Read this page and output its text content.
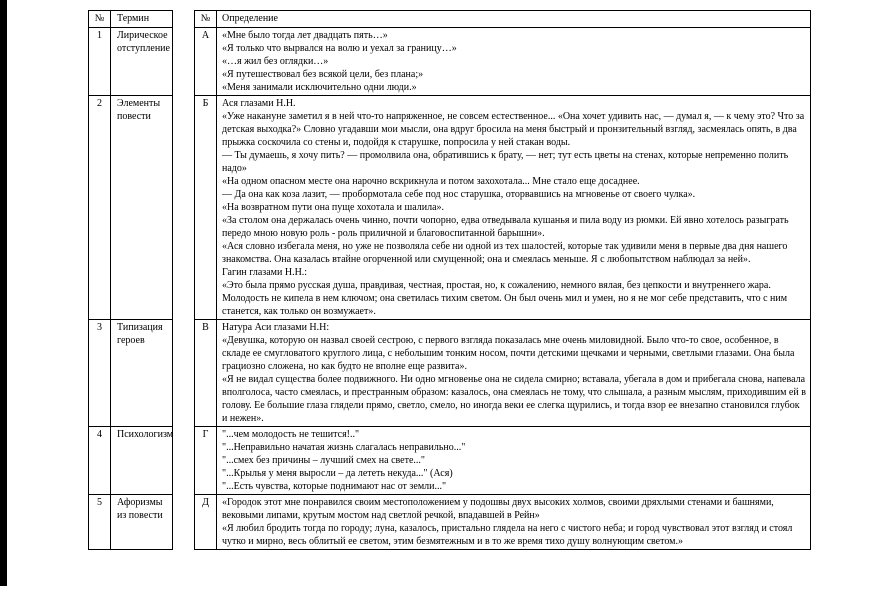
№	Термин		№	Определение
1	Лирическое отступление		А	«Мне было тогда лет двадцать пять…»
«Я только что вырвался на волю и уехал за границу…»
«…я жил без оглядки…»
«Я путешествовал без всякой цели, без плана;»
«Меня занимали исключительно одни люди.»

2	Элементы повести		Б	Ася глазами Н.Н.
«Уже накануне заметил я в ней что-то напряженное, не совсем естественное... «Она хочет удивить нас, — думал я, — к чему это? Что за детская выходка?» Словно угадавши мои мысли, она вдруг бросила на меня быстрый и пронзительный взгляд, засмеялась опять, в два прыжка соскочила со стены и, подойдя к старушке, попросила у ней стакан воды.
— Ты думаешь, я хочу пить? — промолвила она, обратившись к брату, — нет; тут есть цветы на стенах, которые непременно полить надо»
«На одном опасном месте она нарочно вскрикнула и потом захохотала... Мне стало еще досаднее.
— Да она как коза лазит, — пробормотала себе под нос старушка, оторвавшись на мгновенье от своего чулка».
«На возвратном пути она пуще хохотала и шалила».
«За столом она держалась очень чинно, почти чопорно, едва отведывала кушанья и пила воду из рюмки. Ей явно хотелось разыграть передо мною новую роль - роль приличной и благовоспитанной барышни».
«Ася словно избегала меня, но уже не позволяла себе ни одной из тех шалостей, которые так удивили меня в первые два дня нашего знакомства. Она казалась втайне огорченной или смущенной; она и смеялась меньше. Я с любопытством наблюдал за ней».
Гагин глазами Н.Н.:
«Это была прямо русская душа, правдивая, честная, простая, но, к сожалению, немного вялая, без цепкости и внутреннего жара. Молодость не кипела в нем ключом; она светилась тихим светом. Он был очень мил и умен, но я не мог себе представить, что с ним станется, как только он возмужает».

3	Типизация героев		В	Натура Аси глазами Н.Н:
«Девушка, которую он назвал своей сестрою, с первого взгляда показалась мне очень миловидной. Было что-то свое, особенное, в складе ее смугловатого круглого лица, с небольшим тонким носом, почти детскими щечками и черными, светлыми глазами. Она была грациозно сложена, но как будто не вполне еще развита».
«Я не видал существа более подвижного. Ни одно мгновенье она не сидела смирно; вставала, убегала в дом и прибегала снова, напевала вполголоса, часто смеялась, и престранным образом: казалось, она смеялась не тому, что слышала, а разным мыслям, приходившим ей в голову. Ее большие глаза глядели прямо, светло, смело, но иногда веки ее слегка щурились, и тогда взор ее внезапно становился глубок и нежен».

4	Психологизм		Г	"...чем молодость не тешится!.."
"...Неправильно начатая жизнь слагалась неправильно..."
"...смех без причины – лучший смех на свете..."
"...Крылья у меня выросли – да лететь некуда..." (Ася)
"...Есть чувства, которые поднимают нас от земли..."

5	Афоризмы из повести		Д	«Городок этот мне понравился своим местоположением у подошвы двух высоких холмов, своими дряхлыми стенами и башнями, вековыми липами, крутым мостом над светлой речкой, впадавшей в Рейн»
«Я любил бродить тогда по городу; луна, казалось, пристально глядела на него с чистого неба; и город чувствовал этот взгляд и стоял чутко и мирно, весь облитый ее светом, этим безмятежным и в то же время тихо душу волнующим светом.»
